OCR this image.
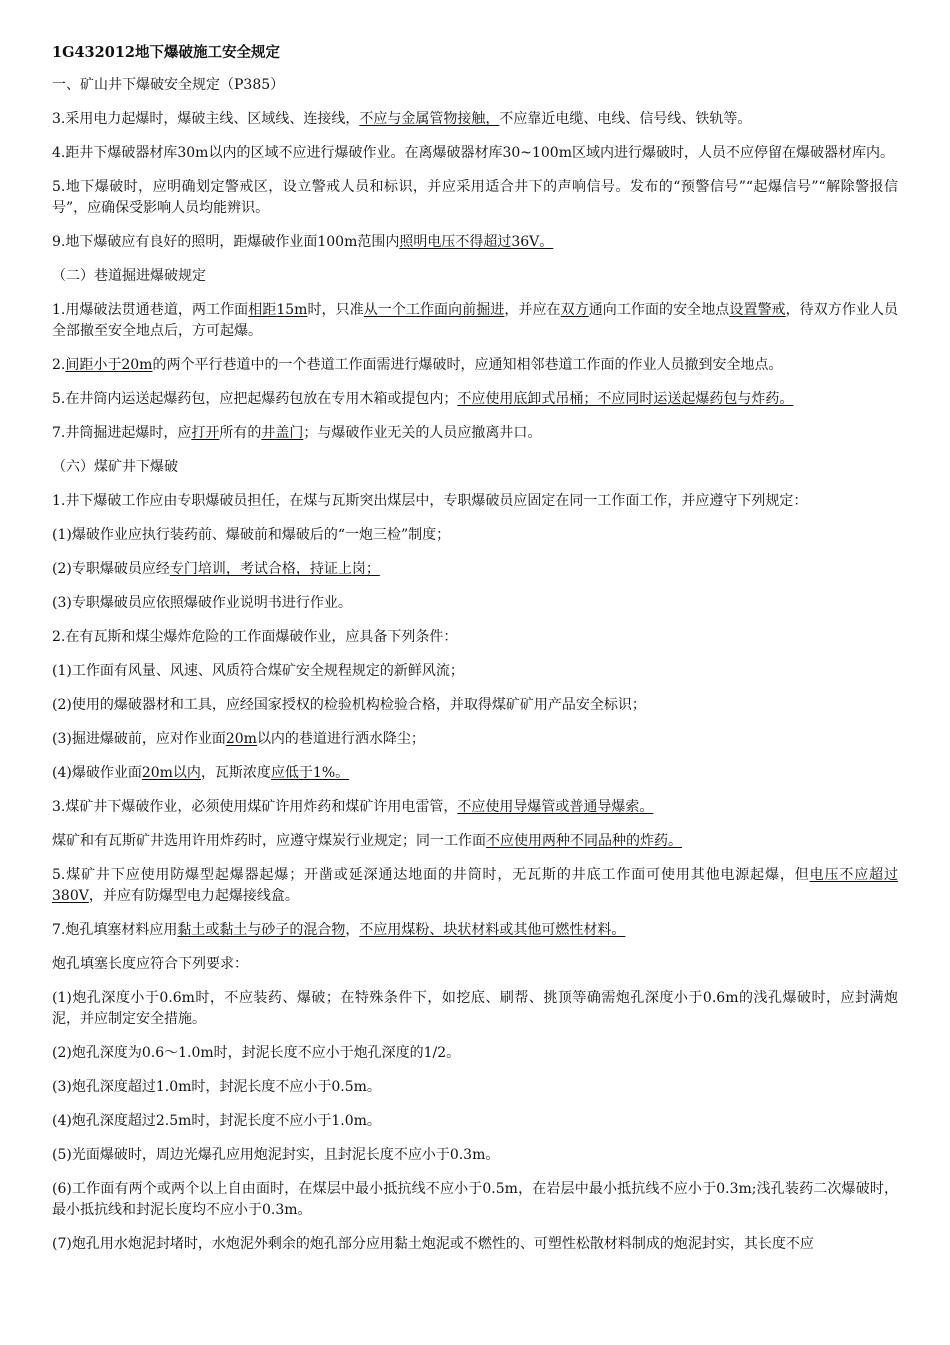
1G432012地下爆破施工安全规定
一、矿山井下爆破安全规定（P385）
3.采用电力起爆时，爆破主线、区域线、连接线，不应与金属管物接触，不应靠近电缆、电线、信号线、铁轨等。
4.距井下爆破器材库30m以内的区域不应进行爆破作业。在离爆破器材库30~100m区域内进行爆破时，人员不应停留在爆破器材库内。
5.地下爆破时，应明确划定警戒区，设立警戒人员和标识，并应采用适合井下的声响信号。发布的“预警信号”“起爆信号”“解除警报信号”，应确保受影响人员均能辨识。
9.地下爆破应有良好的照明，距爆破作业面100m范围内照明电压不得超过36V。
（二）巷道掘进爆破规定
1.用爆破法贯通巷道，两工作面相距15m时，只准从一个工作面向前掘进，并应在双方通向工作面的安全地点设置警戒，待双方作业人员全部撤至安全地点后，方可起爆。
2.间距小于20m的两个平行巷道中的一个巷道工作面需进行爆破时，应通知相邻巷道工作面的作业人员撤到安全地点。
5.在井筒内运送起爆药包，应把起爆药包放在专用木箱或提包内；不应使用底卸式吊桶；不应同时运送起爆药包与炸药。
7.井筒掘进起爆时，应打开所有的井盖门；与爆破作业无关的人员应撤离井口。
（六）煤矿井下爆破
1.井下爆破工作应由专职爆破员担任，在煤与瓦斯突出煤层中，专职爆破员应固定在同一工作面工作，并应遵守下列规定：
(1)爆破作业应执行装药前、爆破前和爆破后的“一炮三检”制度；
(2)专职爆破员应经专门培训，考试合格，持证上岗；
(3)专职爆破员应依照爆破作业说明书进行作业。
2.在有瓦斯和煤尘爆炸危险的工作面爆破作业，应具备下列条件：
(1)工作面有风量、风速、风质符合煤矿安全规程规定的新鲜风流；
(2)使用的爆破器材和工具，应经国家授权的检验机构检验合格，并取得煤矿矿用产品安全标识；
(3)掘进爆破前，应对作业面20m以内的巷道进行洒水降尘；
(4)爆破作业面20m以内，瓦斯浓度应低于1%。
3.煤矿井下爆破作业，必须使用煤矿许用炸药和煤矿许用电雷管，不应使用导爆管或普通导爆索。
煤矿和有瓦斯矿井选用许用炸药时，应遵守煤炭行业规定；同一工作面不应使用两种不同品种的炸药。
5.煤矿井下应使用防爆型起爆器起爆；开凿或延深通达地面的井筒时，无瓦斯的井底工作面可使用其他电源起爆，但电压不应超过380V，并应有防爆型电力起爆接线盒。
7.炮孔填塞材料应用黏土或黏土与砂子的混合物，不应用煤粉、块状材料或其他可燃性材料。
炮孔填塞长度应符合下列要求：
(1)炮孔深度小于0.6m时，不应装药、爆破；在特殊条件下，如挖底、刷帮、挑顶等确需炮孔深度小于0.6m的浅孔爆破时，应封满炮泥，并应制定安全措施。
(2)炮孔深度为0.6～1.0m时，封泥长度不应小于炮孔深度的1/2。
(3)炮孔深度超过1.0m时，封泥长度不应小于0.5m。
(4)炮孔深度超过2.5m时，封泥长度不应小于1.0m。
(5)光面爆破时，周边光爆孔应用炮泥封实，且封泥长度不应小于0.3m。
(6)工作面有两个或两个以上自由面时，在煤层中最小抵抗线不应小于0.5m，在岩层中最小抵抗线不应小于0.3m;浅孔装药二次爆破时，最小抵抗线和封泥长度均不应小于0.3m。
(7)炮孔用水炮泥封堵时，水炮泥外剩余的炮孔部分应用黏土炮泥或不燃性的、可塑性松散材料制成的炮泥封实，其长度不应
